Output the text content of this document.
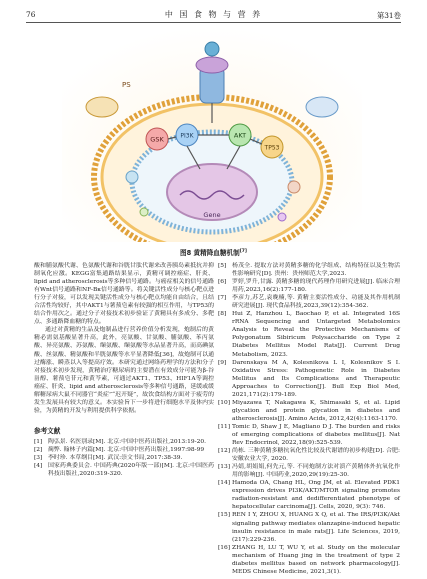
76	中 国 食 物 与 营 养	第31卷
GSK	PI3K	AKT
TP53
Gene
PS
图8 黄精降血糖机制[7]

酸和脯氨酸代谢、色氨酸代谢和谷胱甘肽代谢来改善胰岛素抵抗并抑制氧化应激。KEGG富集通路结果显示，黄精可调控癌症、肝炎、lipid and atherosclerosis等多种信号通路。与癌症相关的信号通路有Wnt信号通路和NF-Bκ信号通路等。将关键活性成分与核心靶点进行分子对接，可以发现关键活性成分与核心靶点均能自由结合，且结合活性均较好，其中AKT1与薯蓣皂素有较强的相互作用，与TP53的结合作用次之。通过分子对接技术初步验证了黄精具有多成分、多靶点、多通路降血糖的特点。

通过对黄精的生品及炮制品进行营养价值分析发现，炮制后的黄精必需氨基酸显著升高，此外，亮氨酸、甘氨酸、脯氨酸、苯丙氨酸、异亮氨酸、苏氨酸、缬氨酸、缬氨酸等水品显著升高，而高碘氨酸、丝氨酸、精氨酸和半胱氨酸等水平显著降低[36]，故炮制可以通过酶涨、瞬蒸以入等提高疗效。本研究通过网络药理学的方法和分子对接技术初步发现，黄精治疗糖尿病的主要潜在有效成分可能为β-谷甾醇、薯蓣皂苷元和黄芩素，可通过AKT1、TP53、HIF1A等调控癌症、肝炎、lipid and atherosclerosis等多种信号通路，延缓或缓解糖尿病大鼠不同器官“炎症”“迟开疑”，故饮食结构方面对于疲劳的发生发展具有较大的意义。本实验旨下一步将进行细胞水平及体内实验，为黄精的开发与利用提供科学依据。

参考文献
[1] 陶弘景. 名医别录[M]. 北京:中国中医药出版社,2013:19-20.
[2] 蔺弊. 翰林子内篇[M]. 北京:中国中医药出版社,1997:98-99
[3] 李时珍. 本草纲目[M]. 武汉:崇文书局,2017:38-39.
[4] 国家药典委员会. 中国药典(2020年版一部)[M]. 北京:中国医药科技出版社,2020:319-320.
[5] 杨茂全. 提取方法对黄精多糖的化学组成、结构特征以及生物活性影响研究[D]. 贵州：贵州师范大学,2023.
[6] 罗婷,罗升,甘露. 黄精多糖的现代药理作用研究进展[J]. 临床合理用药,2023,16(2):177-180.
[7] 李彦力,苏艺,袁晚楠,等. 黄精主要活性成分、功能及其作用机制研究进展[J]. 现代食品科技,2023,39(12):354-362.
[8] Hui Z, Hanzhou L, Baochao P, et al. Integrated 16S rRNA Sequencing and Untargeted Metabolomics Analysis to Reveal the Protective Mechanisms of Polygonatum Sibiricum Polysaccharide on Type 2 Diabetes Mellitus Model Rats[J]. Current Drug Metabolism, 2023.
[9] Darenskaya M A, Kolesnikova L I, Kolesnikov S I. Oxidative Stress: Pathogenetic Role in Diabetes Mellitus and Its Complications and Therapeutic Approaches to Correction[J]. Bull Exp Biol Med, 2021,171(2):179-189.
[10] Miyazawa T, Nakagawa K, Shimasaki S, et al. Lipid glycation and protein glycation in diabetes and atherosclerosis[J]. Amino Acids, 2012,42(4):1163-1170.
[11] Tomic D, Shaw J E, Magliano D J. The burden and risks of emerging complications of diabetes mellitus[J]. Nat Rev Endocrinol, 2022,18(9):525-539.
[12] 尚栋. 三种黄精多糖抗氧化性比较及代谢谱的初步构建[D]. 合肥:安徽农业大学, 2020.
[13] 冯婧,胡娟娟,何先元,等. 不同炮制方法对滇产黄精体外抗氧化作用的影响[J]. 中国药业,2020,29(19):25-30.
[14] Hamoda OA, Chang HL, Ong JM, et al. Elevated PDK1 expression drives PI3K/AKT/MTOR signaling promotes radiation-resistant and dedifferentiated phenotype of hepatocellular carcinoma[J]. Cells, 2020, 9(3): 746.
[15] REN I Y, ZHOU X, HUANG X Q, et al. The IRS/PI3K/Akt signaling pathway mediates olanzapine-induced hepatic insulin resistance in male rats[J]. Life Sciences, 2019,(217):229-236.
[16] ZHANG H, LU T, WU Y, et al. Study on the molecular mechanism of Huang jing in the treatment of type 2 diabetes mellitus based on network pharmacology[J]. MEDS Chinese Medicine, 2021,3(1).
